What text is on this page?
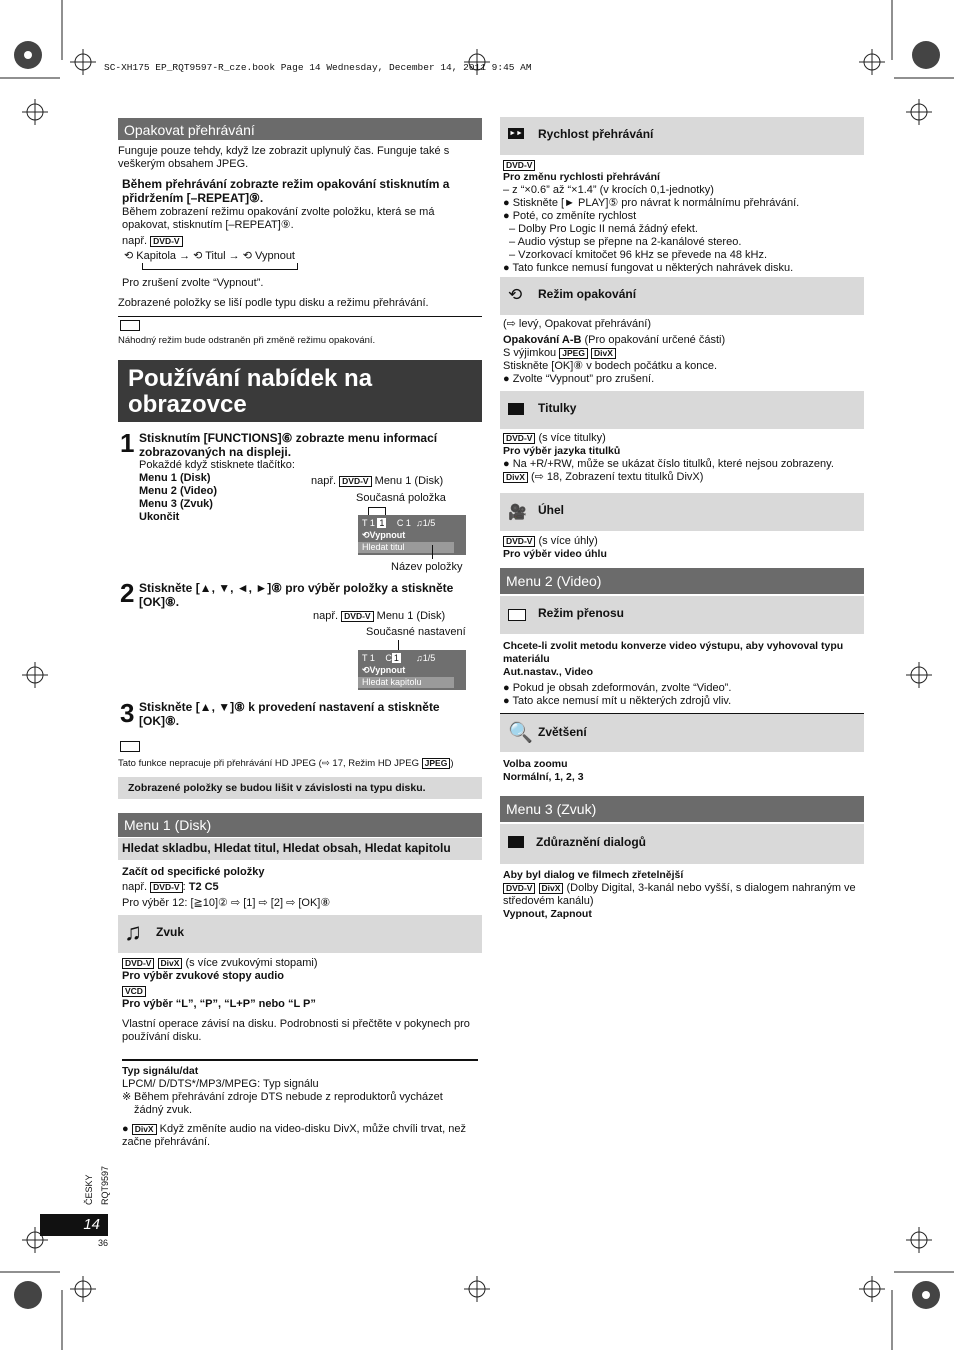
SC-XH175 EP_RQT9597-R_cze.book Page 14 Wednesday, December 14, 2011 9:45 AM
Opakovat přehrávání
Funguje pouze tehdy, když lze zobrazit uplynulý čas. Funguje také s veškerým obsahem JPEG.
Během přehrávání zobrazte režim opakování stisknutím a přidržením [–REPEAT]⑨.
Během zobrazení režimu opakování zvolte položku, která se má opakovat, stisknutím [–REPEAT]⑨.
např. DVD-V
⟲ Kapitola → ⟲ Titul → ⟲ Vypnout
Pro zrušení zvolte “Vypnout”.
Zobrazené položky se liší podle typu disku a režimu přehrávání.
Náhodný režim bude odstraněn při změně režimu opakování.
Používání nabídek na obrazovce
1 Stisknutím [FUNCTIONS]⑥ zobrazte menu informací zobrazovaných na displeji.
Pokaždé když stisknete tlačítko:
Menu 1 (Disk)
Menu 2 (Video)
Menu 3 (Zvuk)
Ukončit
např. DVD-V Menu 1 (Disk)
Současná položka
T 1 1 C 1 ♫1/5
⟲Vypnout
Hledat titul
Název položky
2 Stiskněte [▲, ▼, ◄, ►]⑧ pro výběr položky a stiskněte [OK]⑧.
např. DVD-V Menu 1 (Disk)
Současné nastavení
T 1 C 1 ♫1/5
⟲Vypnout
Hledat kapitolu
3 Stiskněte [▲, ▼]⑧ k provedení nastavení a stiskněte [OK]⑧.
Tato funkce nepracuje při přehrávání HD JPEG (⇨ 17, Režim HD JPEG JPEG )
Zobrazené položky se budou lišit v závislosti na typu disku.
Menu 1 (Disk)
Hledat skladbu, Hledat titul, Hledat obsah, Hledat kapitolu
Začít od specifické položky
např. DVD-V : T2 C5
Pro výběr 12: [≧10]② ⇨ [1] ⇨ [2] ⇨ [OK]⑧
♫ Zvuk
DVD-V DivX (s více zvukovými stopami)
Pro výběr zvukové stopy audio
VCD
Pro výběr “L”, “P”, “L+P” nebo “L P”
Vlastní operace závisí na disku. Podrobnosti si přečtěte v pokynech pro používání disku.
Typ signálu/dat
LPCM/ D/DTS*/MP3/MPEG: Typ signálu
※ Během přehrávání zdroje DTS nebude z reproduktorů vycházet žádný zvuk.
● DivX Když změníte audio na video-disku DivX, může chvíli trvat, než začne přehrávání.
ČESKY RQT9597
14
36
►► Rychlost přehrávání
DVD-V
Pro změnu rychlosti přehrávání
– z “×0.6” až “×1.4” (v krocích 0,1-jednotky)
● Stiskněte [► PLAY]⑤ pro návrat k normálnímu přehrávání.
● Poté, co změníte rychlost
– Dolby Pro Logic II nemá žádný efekt.
– Audio výstup se přepne na 2-kanálové stereo.
– Vzorkovací kmitočet 96 kHz se převede na 48 kHz.
● Tato funkce nemusí fungovat u některých nahrávek disku.
⟲ Režim opakování
(⇨ levý, Opakovat přehrávání)
Opakování A-B (Pro opakování určené části)
S výjimkou JPEG DivX
Stiskněte [OK]⑧ v bodech počátku a konce.
● Zvolte “Vypnout” pro zrušení.
Titulky
DVD-V (s více titulky)
Pro výběr jazyka titulků
● Na +R/+RW, může se ukázat číslo titulků, které nejsou zobrazeny.
DivX (⇨ 18, Zobrazení textu titulků DivX)
🎥 Úhel
DVD-V (s více úhly)
Pro výběr video úhlu
Menu 2 (Video)
Režim přenosu
Chcete-li zvolit metodu konverze video výstupu, aby vyhovoval typu materiálu
Aut.nastav., Video
● Pokud je obsah zdeformován, zvolte “Video”.
● Tato akce nemusí mít u některých zdrojů vliv.
🔍 Zvětšení
Volba zoomu
Normální, 1, 2, 3
Menu 3 (Zvuk)
Zdůraznění dialogů
Aby byl dialog ve filmech zřetelnější
DVD-V DivX (Dolby Digital, 3-kanál nebo vyšší, s dialogem nahraným ve středovém kanálu)
Vypnout, Zapnout
